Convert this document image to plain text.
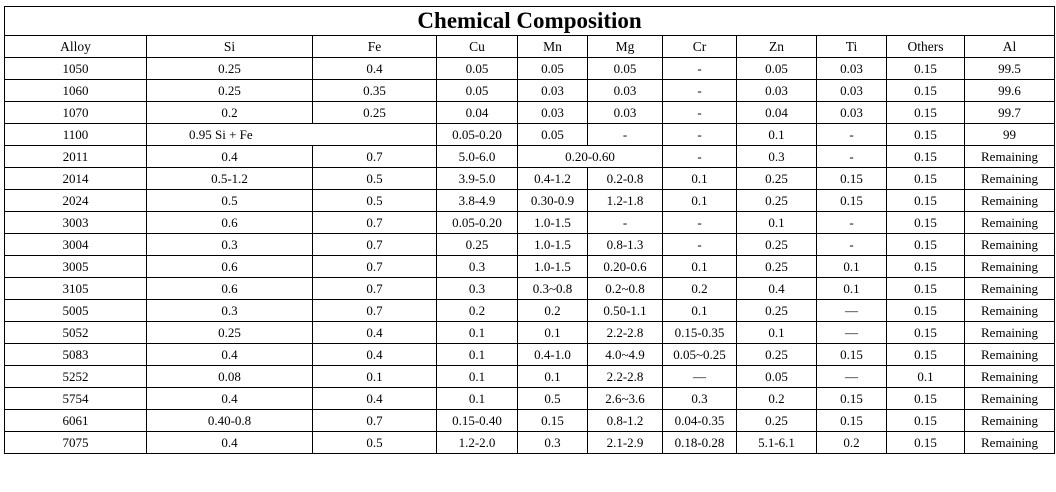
Chemical Composition										
Alloy	Si	Fe	Cu	Mn	Mg	Cr	Zn	Ti	Others	Al
1050	0.25	0.4	0.05	0.05	0.05	-	0.05	0.03	0.15	99.5
1060	0.25	0.35	0.05	0.03	0.03	-	0.03	0.03	0.15	99.6
1070	0.2	0.25	0.04	0.03	0.03	-	0.04	0.03	0.15	99.7
1100	0.95 Si + Fe		0.05-0.20	0.05	-	-	0.1	-	0.15	99
2011	0.4	0.7	5.0-6.0	0.20-0.60		-	0.3	-	0.15	Remaining
2014	0.5-1.2	0.5	3.9-5.0	0.4-1.2	0.2-0.8	0.1	0.25	0.15	0.15	Remaining
2024	0.5	0.5	3.8-4.9	0.30-0.9	1.2-1.8	0.1	0.25	0.15	0.15	Remaining
3003	0.6	0.7	0.05-0.20	1.0-1.5	-	-	0.1	-	0.15	Remaining
3004	0.3	0.7	0.25	1.0-1.5	0.8-1.3	-	0.25	-	0.15	Remaining
3005	0.6	0.7	0.3	1.0-1.5	0.20-0.6	0.1	0.25	0.1	0.15	Remaining
3105	0.6	0.7	0.3	0.3~0.8	0.2~0.8	0.2	0.4	0.1	0.15	Remaining
5005	0.3	0.7	0.2	0.2	0.50-1.1	0.1	0.25	—	0.15	Remaining
5052	0.25	0.4	0.1	0.1	2.2-2.8	0.15-0.35	0.1	—	0.15	Remaining
5083	0.4	0.4	0.1	0.4-1.0	4.0~4.9	0.05~0.25	0.25	0.15	0.15	Remaining
5252	0.08	0.1	0.1	0.1	2.2-2.8	—	0.05	—	0.1	Remaining
5754	0.4	0.4	0.1	0.5	2.6~3.6	0.3	0.2	0.15	0.15	Remaining
6061	0.40-0.8	0.7	0.15-0.40	0.15	0.8-1.2	0.04-0.35	0.25	0.15	0.15	Remaining
7075	0.4	0.5	1.2-2.0	0.3	2.1-2.9	0.18-0.28	5.1-6.1	0.2	0.15	Remaining
